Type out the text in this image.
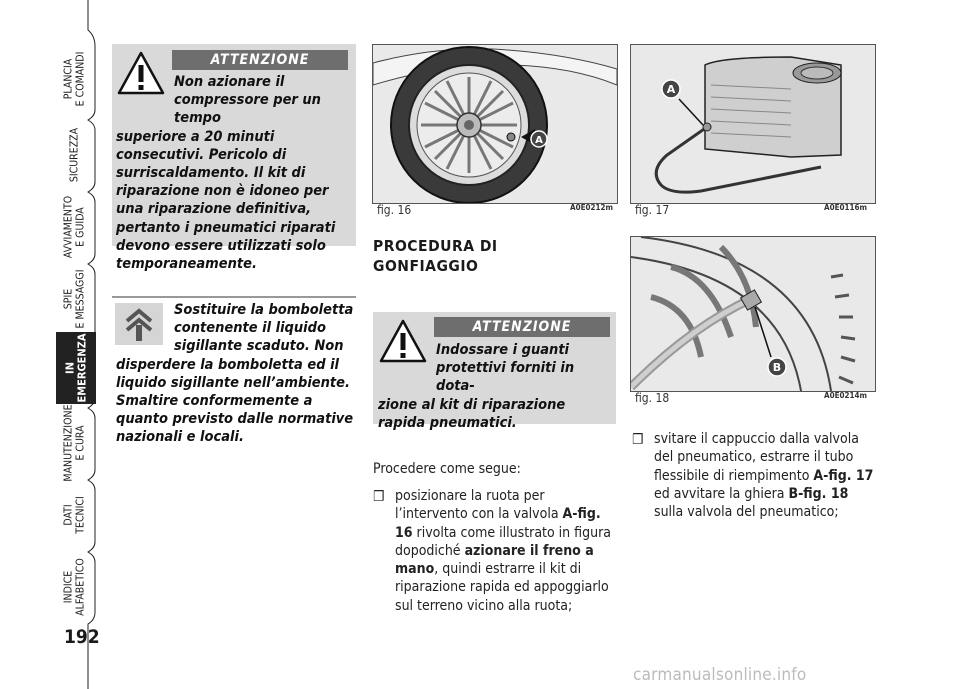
PLANCIA
E COMANDI
SICUREZZA
AVVIAMENTO
E GUIDA
SPIE
E MESSAGGI
IN
EMERGENZA
MANUTENZIONE
E CURA
DATI
TECNICI
INDICE
ALFABETICO
192
ATTENZIONE
Non azionare il compressore per un tempo
superiore a 20 minuti consecutivi. Pericolo di surriscaldamento. Il kit di riparazione non è idoneo per una riparazione definitiva, pertanto i pneumatici riparati devono essere utilizzati solo temporaneamente.
Sostituire la bomboletta contenente il liquido sigillante scaduto. Non
disperdere la bomboletta ed il liquido sigillante nell’ambiente. Smaltire conformemente a quanto previsto dalle normative nazionali e locali.
A
fig. 16	A0E0212m
A
fig. 17	A0E0116m
B
fig. 18	A0E0214m
PROCEDURA DI
GONFIAGGIO
ATTENZIONE
Indossare i guanti protettivi forniti in dota-
zione al kit di riparazione rapida pneumatici.
Procedere come segue:
❒ posizionare la ruota per l’intervento con la valvola A-fig. 16 rivolta come illustrato in figura dopodiché azionare il freno a mano, quindi estrarre il kit di riparazione rapida ed appoggiarlo sul terreno vicino alla ruota;
❒ svitare il cappuccio dalla valvola del pneumatico, estrarre il tubo flessibile di riempimento A-fig. 17 ed avvitare la ghiera B-fig. 18 sulla valvola del pneumatico;
carmanualsonline.info
